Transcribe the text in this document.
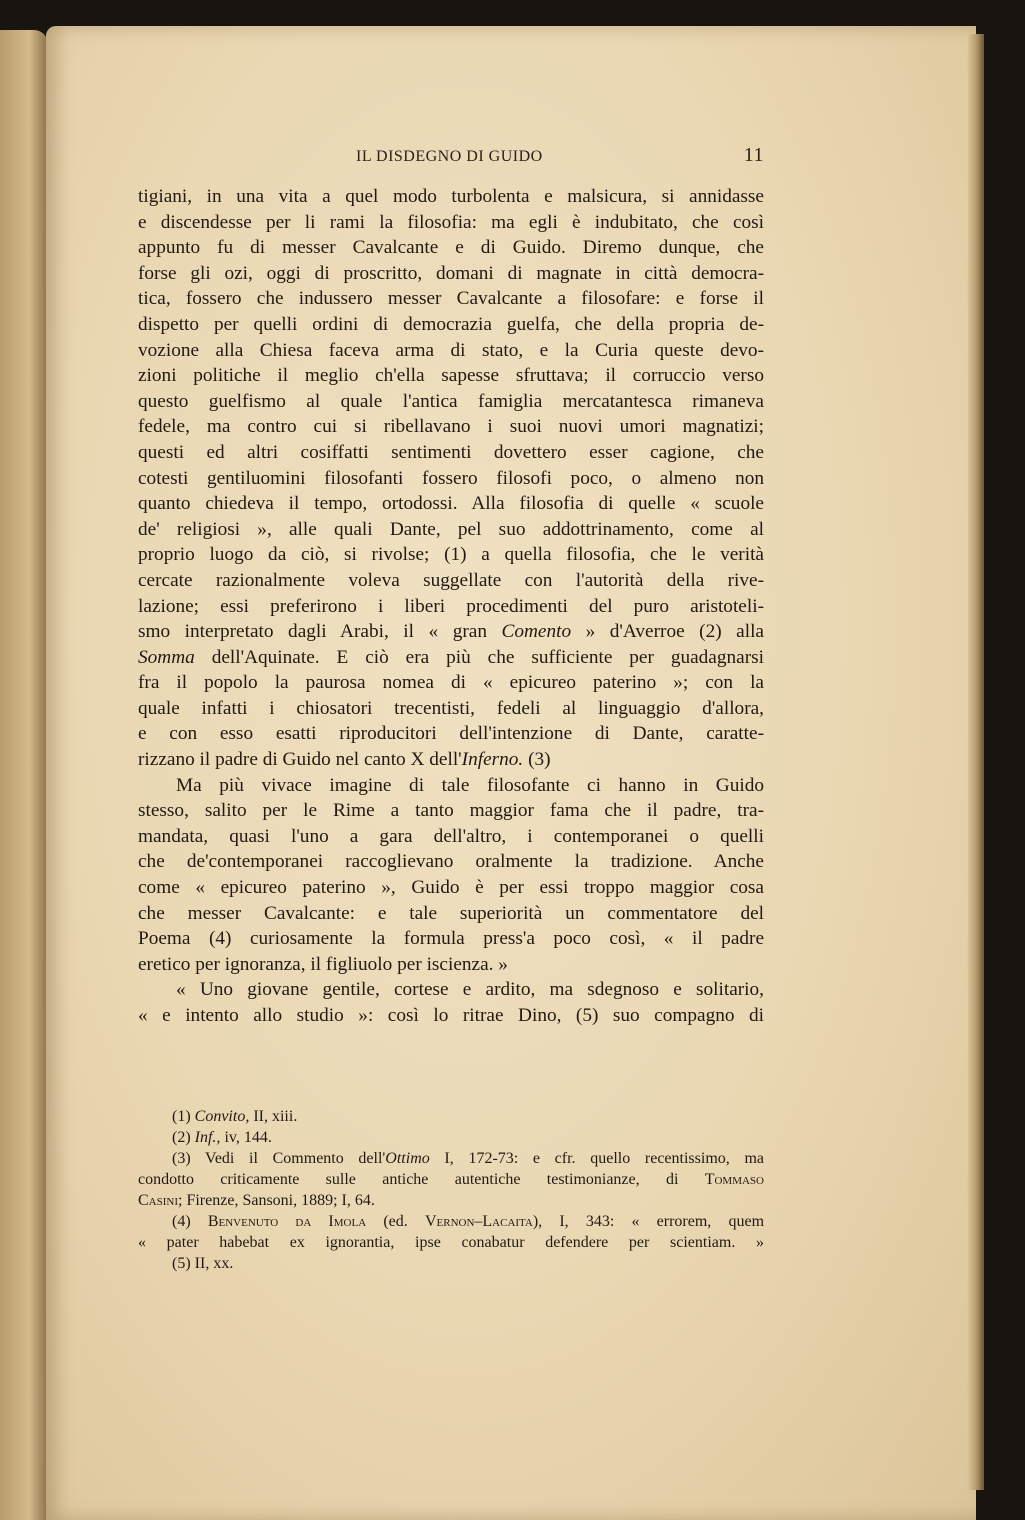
IL DISDEGNO DI GUIDO	11
tigiani, in una vita a quel modo turbolenta e malsicura, si annidasse
e discendesse per li rami la filosofia: ma egli è indubitato, che così
appunto fu di messer Cavalcante e di Guido. Diremo dunque, che
forse gli ozi, oggi di proscritto, domani di magnate in città democra-
tica, fossero che indussero messer Cavalcante a filosofare: e forse il
dispetto per quelli ordini di democrazia guelfa, che della propria de-
vozione alla Chiesa faceva arma di stato, e la Curia queste devo-
zioni politiche il meglio ch'ella sapesse sfruttava; il corruccio verso
questo guelfismo al quale l'antica famiglia mercatantesca rimaneva
fedele, ma contro cui si ribellavano i suoi nuovi umori magnatizi;
questi ed altri cosiffatti sentimenti dovettero esser cagione, che
cotesti gentiluomini filosofanti fossero filosofi poco, o almeno non
quanto chiedeva il tempo, ortodossi. Alla filosofia di quelle « scuole
de' religiosi », alle quali Dante, pel suo addottrinamento, come al
proprio luogo da ciò, si rivolse; (1) a quella filosofia, che le verità
cercate razionalmente voleva suggellate con l'autorità della rive-
lazione; essi preferirono i liberi procedimenti del puro aristoteli-
smo interpretato dagli Arabi, il « gran Comento » d'Averroe (2) alla
Somma dell'Aquinate. E ciò era più che sufficiente per guadagnarsi
fra il popolo la paurosa nomea di « epicureo paterino »; con la
quale infatti i chiosatori trecentisti, fedeli al linguaggio d'allora,
e con esso esatti riproducitori dell'intenzione di Dante, caratte-
rizzano il padre di Guido nel canto X dell'Inferno. (3)
Ma più vivace imagine di tale filosofante ci hanno in Guido
stesso, salito per le Rime a tanto maggior fama che il padre, tra-
mandata, quasi l'uno a gara dell'altro, i contemporanei o quelli
che de'contemporanei raccoglievano oralmente la tradizione. Anche
come « epicureo paterino », Guido è per essi troppo maggior cosa
che messer Cavalcante: e tale superiorità un commentatore del
Poema (4) curiosamente la formula press'a poco così, « il padre
eretico per ignoranza, il figliuolo per iscienza. »
« Uno giovane gentile, cortese e ardito, ma sdegnoso e solitario,
« e intento allo studio »: così lo ritrae Dino, (5) suo compagno di
(1) Convito, II, xiii.
(2) Inf., iv, 144.
(3) Vedi il Commento dell'Ottimo I, 172-73: e cfr. quello recentissimo, ma
condotto criticamente sulle antiche autentiche testimonianze, di Tommaso
Casini; Firenze, Sansoni, 1889; I, 64.
(4) Benvenuto da Imola (ed. Vernon–Lacaita), I, 343: « errorem, quem
« pater habebat ex ignorantia, ipse conabatur defendere per scientiam. »
(5) II, xx.
